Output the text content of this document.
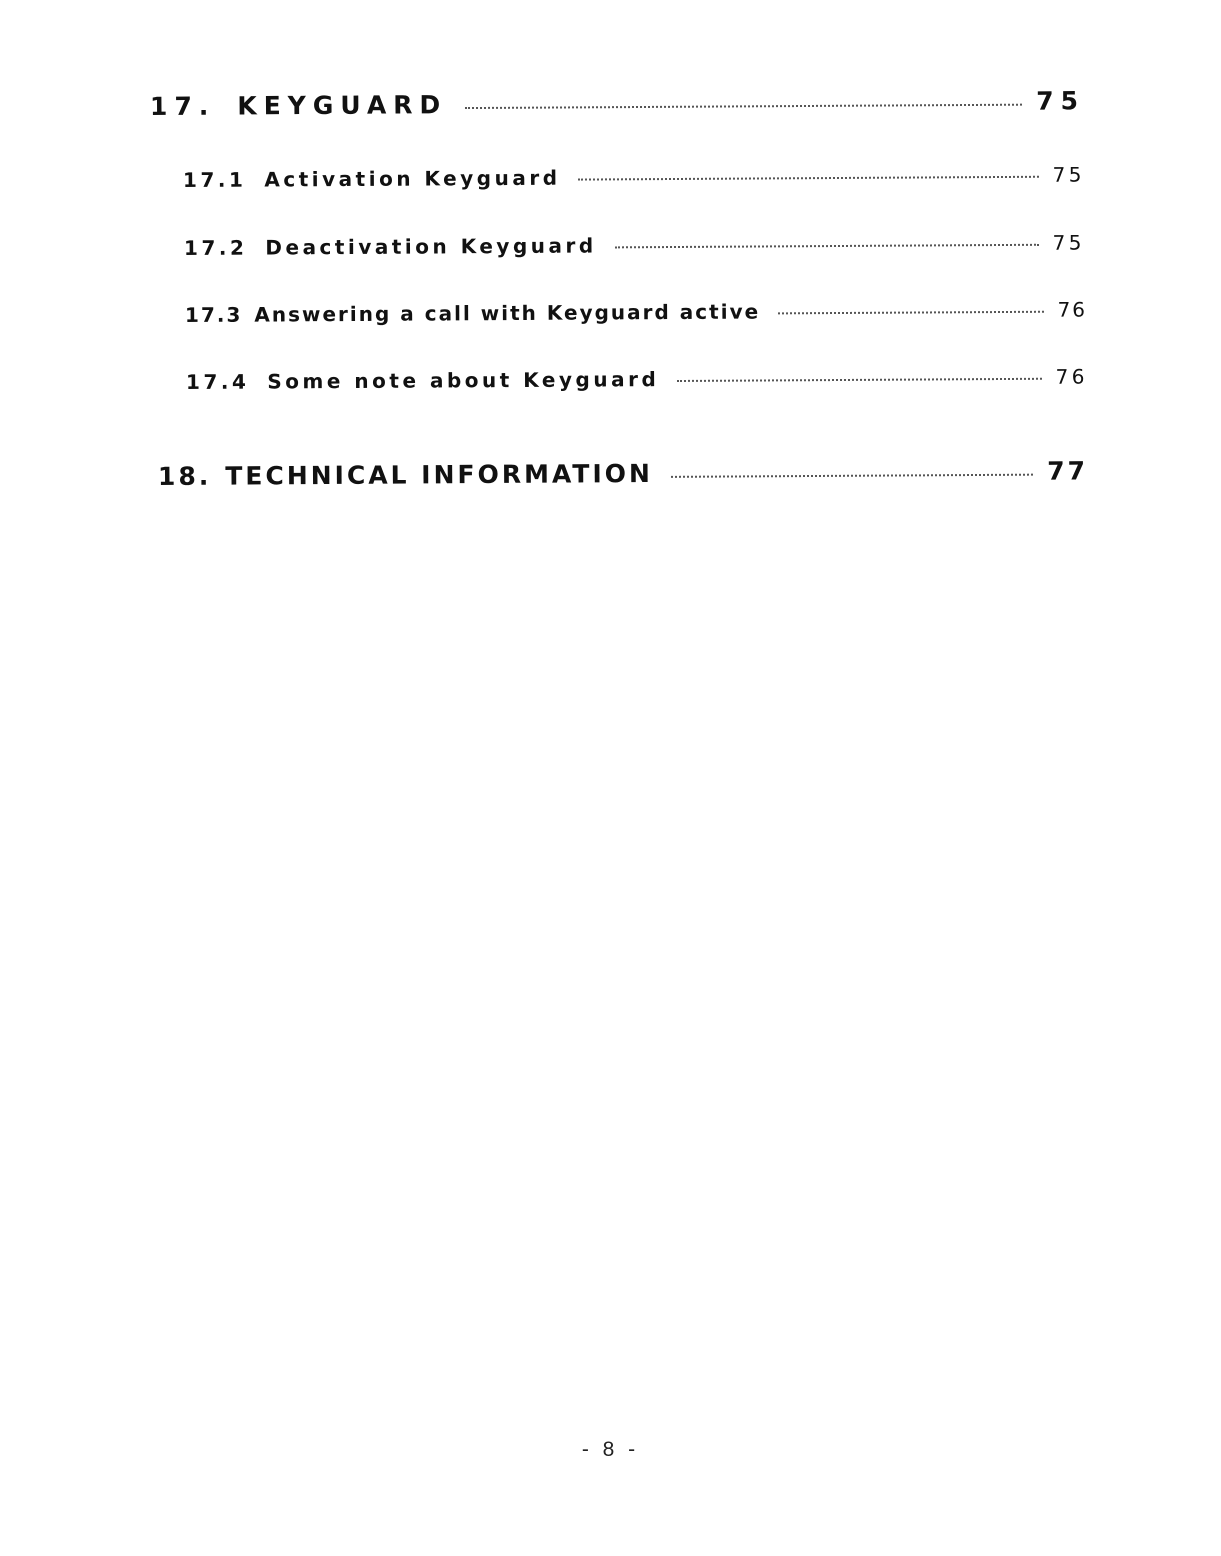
17. KEYGUARD	75
17.1 Activation Keyguard	75
17.2 Deactivation Keyguard	75
17.3 Answering a call with Keyguard active	76
17.4 Some note about Keyguard	76
18. TECHNICAL INFORMATION	77
- 8 -
